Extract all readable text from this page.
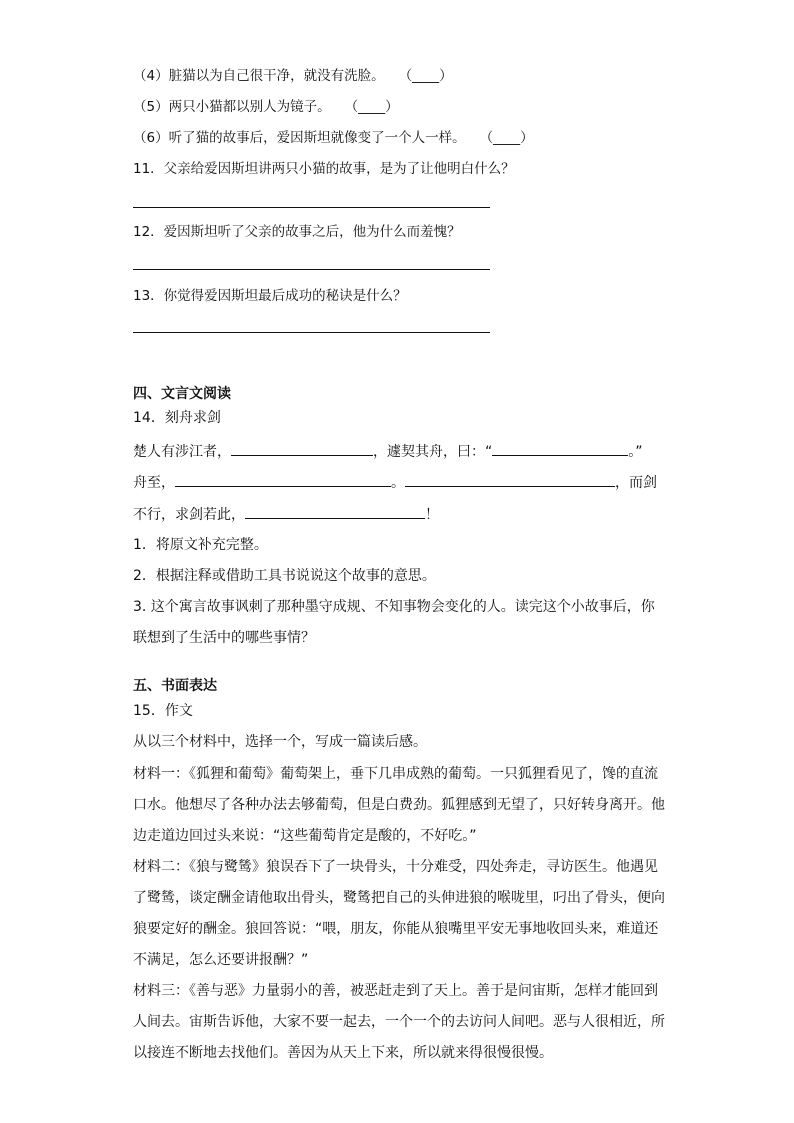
（4）脏猫以为自己很干净，就没有洗脸。 （____）
（5）两只小猫都以别人为镜子。 （____）
（6）听了猫的故事后，爱因斯坦就像变了一个人一样。 （____）
11．父亲给爱因斯坦讲两只小猫的故事，是为了让他明白什么？
12．爱因斯坦听了父亲的故事之后，他为什么而羞愧？
13．你觉得爱因斯坦最后成功的秘诀是什么？
四、文言文阅读
14．刻舟求剑
楚人有涉江者，	，遽契其舟，曰：“	。”
舟至，	。	，而剑
不行，求剑若此，	！
1．将原文补充完整。
2．根据注释或借助工具书说说这个故事的意思。
3. 这个寓言故事讽刺了那种墨守成规、不知事物会变化的人。读完这个小故事后，你
联想到了生活中的哪些事情？
五、书面表达
15．作文
从以三个材料中，选择一个，写成一篇读后感。
材料一：《狐狸和葡萄》葡萄架上，垂下几串成熟的葡萄。一只狐狸看见了，馋的直流
口水。他想尽了各种办法去够葡萄，但是白费劲。狐狸感到无望了，只好转身离开。他
边走道边回过头来说：“这些葡萄肯定是酸的，不好吃。”
材料二：《狼与鹭鸶》狼误吞下了一块骨头，十分难受，四处奔走，寻访医生。他遇见
了鹭鸶，谈定酬金请他取出骨头，鹭鸶把自己的头伸进狼的喉咙里，叼出了骨头，便向
狼要定好的酬金。狼回答说：“喂，朋友，你能从狼嘴里平安无事地收回头来，难道还
不满足，怎么还要讲报酬？”
材料三：《善与恶》力量弱小的善，被恶赶走到了天上。善于是问宙斯，怎样才能回到
人间去。宙斯告诉他，大家不要一起去，一个一个的去访问人间吧。恶与人很相近，所
以接连不断地去找他们。善因为从天上下来，所以就来得很慢很慢。
